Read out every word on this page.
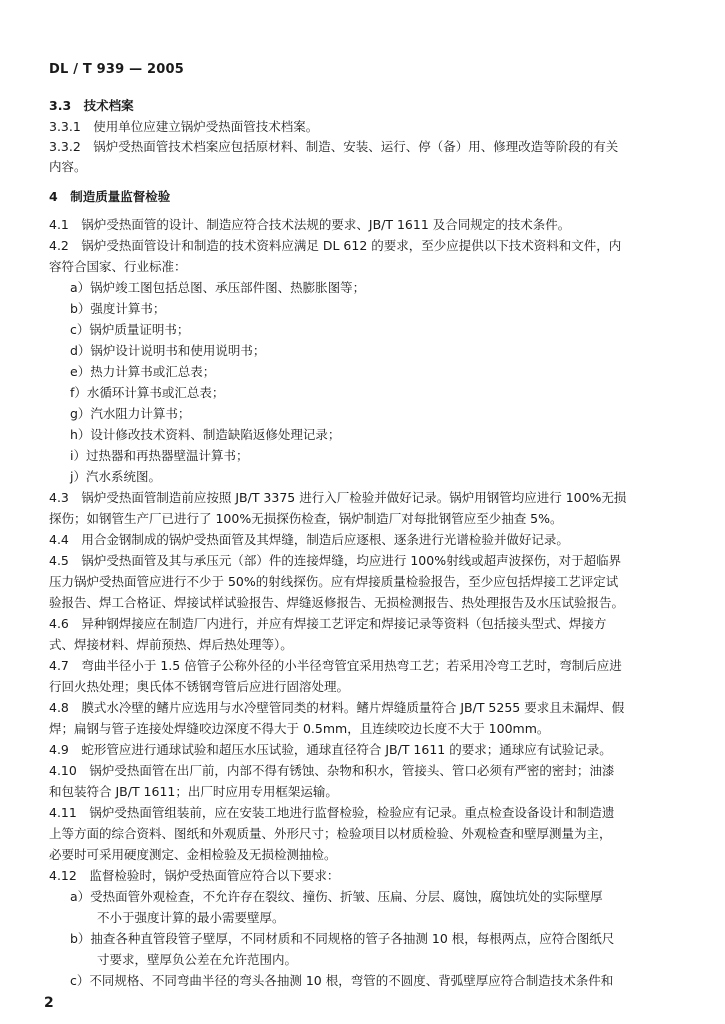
DL / T 939 — 2005
3.3　技术档案
3.3.1　使用单位应建立锅炉受热面管技术档案。
3.3.2　锅炉受热面管技术档案应包括原材料、制造、安装、运行、停（备）用、修理改造等阶段的有关
内容。
4　制造质量监督检验
4.1　锅炉受热面管的设计、制造应符合技术法规的要求、JB/T 1611 及合同规定的技术条件。
4.2　锅炉受热面管设计和制造的技术资料应满足 DL 612 的要求，至少应提供以下技术资料和文件，内
容符合国家、行业标准：
a）锅炉竣工图包括总图、承压部件图、热膨胀图等；
b）强度计算书；
c）锅炉质量证明书；
d）锅炉设计说明书和使用说明书；
e）热力计算书或汇总表；
f）水循环计算书或汇总表；
g）汽水阻力计算书；
h）设计修改技术资料、制造缺陷返修处理记录；
i）过热器和再热器壁温计算书；
j）汽水系统图。
4.3　锅炉受热面管制造前应按照 JB/T 3375 进行入厂检验并做好记录。锅炉用钢管均应进行 100%无损
探伤；如钢管生产厂已进行了 100%无损探伤检查，锅炉制造厂对每批钢管应至少抽查 5%。
4.4　用合金钢制成的锅炉受热面管及其焊缝，制造后应逐根、逐条进行光谱检验并做好记录。
4.5　锅炉受热面管及其与承压元（部）件的连接焊缝，均应进行 100%射线或超声波探伤，对于超临界
压力锅炉受热面管应进行不少于 50%的射线探伤。应有焊接质量检验报告，至少应包括焊接工艺评定试
验报告、焊工合格证、焊接试样试验报告、焊缝返修报告、无损检测报告、热处理报告及水压试验报告。
4.6　异种钢焊接应在制造厂内进行，并应有焊接工艺评定和焊接记录等资料（包括接头型式、焊接方
式、焊接材料、焊前预热、焊后热处理等）。
4.7　弯曲半径小于 1.5 倍管子公称外径的小半径弯管宜采用热弯工艺；若采用冷弯工艺时，弯制后应进
行回火热处理；奥氏体不锈钢弯管后应进行固溶处理。
4.8　膜式水冷壁的鳍片应选用与水冷壁管同类的材料。鳍片焊缝质量符合 JB/T 5255 要求且未漏焊、假
焊；扁钢与管子连接处焊缝咬边深度不得大于 0.5mm，且连续咬边长度不大于 100mm。
4.9　蛇形管应进行通球试验和超压水压试验，通球直径符合 JB/T 1611 的要求；通球应有试验记录。
4.10　锅炉受热面管在出厂前，内部不得有锈蚀、杂物和积水，管接头、管口必须有严密的密封；油漆
和包装符合 JB/T 1611；出厂时应用专用框架运输。
4.11　锅炉受热面管组装前，应在安装工地进行监督检验，检验应有记录。重点检查设备设计和制造遗
上等方面的综合资料、图纸和外观质量、外形尺寸；检验项目以材质检验、外观检查和壁厚测量为主，
必要时可采用硬度测定、金相检验及无损检测抽检。
4.12　监督检验时，锅炉受热面管应符合以下要求：
a）受热面管外观检查，不允许存在裂纹、撞伤、折皱、压扁、分层、腐蚀，腐蚀坑处的实际壁厚
不小于强度计算的最小需要壁厚。
b）抽查各种直管段管子壁厚，不同材质和不同规格的管子各抽测 10 根，每根两点，应符合图纸尺
寸要求，壁厚负公差在允许范围内。
c）不同规格、不同弯曲半径的弯头各抽测 10 根，弯管的不圆度、背弧壁厚应符合制造技术条件和
2
